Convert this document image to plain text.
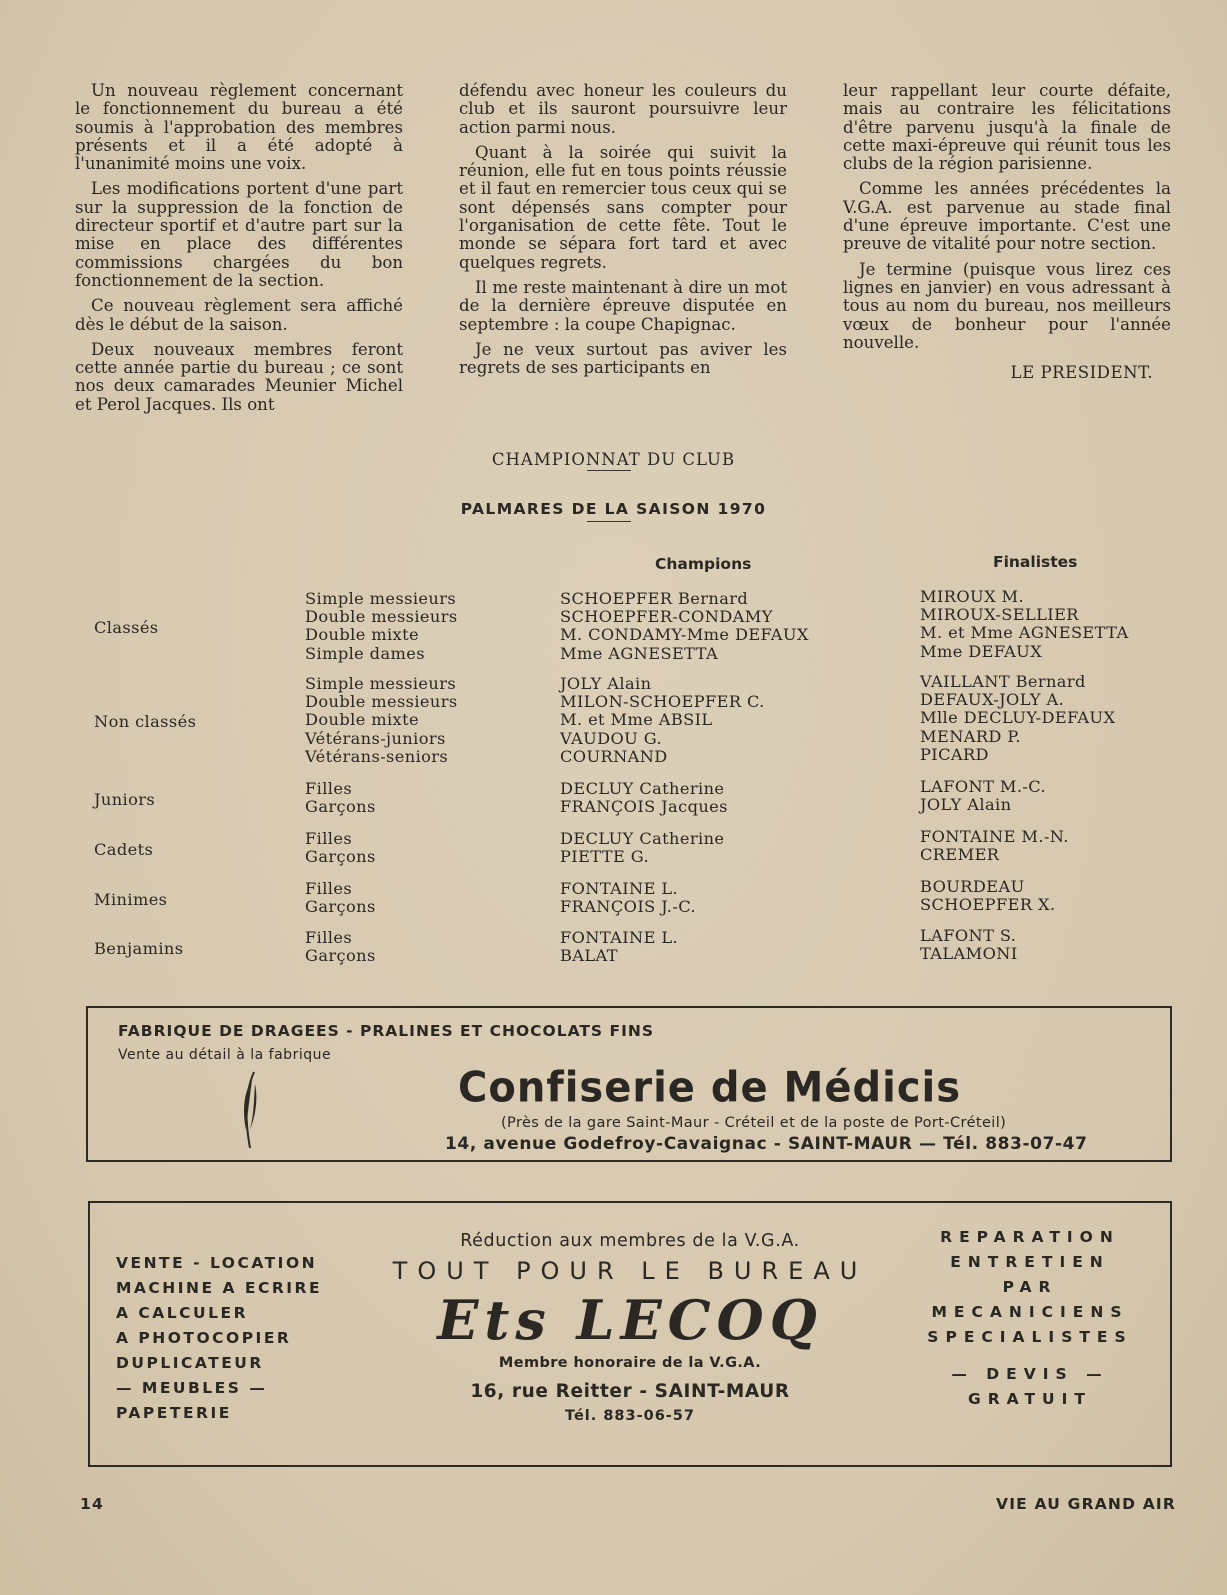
Un nouveau règlement concernant le fonctionnement du bureau a été soumis à l'approbation des membres présents et il a été adopté à l'unanimité moins une voix.

Les modifications portent d'une part sur la suppression de la fonction de directeur sportif et d'autre part sur la mise en place des différentes commissions chargées du bon fonctionnement de la section.

Ce nouveau règlement sera affiché dès le début de la saison.

Deux nouveaux membres feront cette année partie du bureau ; ce sont nos deux camarades Meunier Michel et Perol Jacques. Ils ont

défendu avec honeur les couleurs du club et ils sauront poursuivre leur action parmi nous.

Quant à la soirée qui suivit la réunion, elle fut en tous points réussie et il faut en remercier tous ceux qui se sont dépensés sans compter pour l'organisation de cette fête. Tout le monde se sépara fort tard et avec quelques regrets.

Il me reste maintenant à dire un mot de la dernière épreuve disputée en septembre : la coupe Chapignac.

Je ne veux surtout pas aviver les regrets de ses participants en

leur rappellant leur courte défaite, mais au contraire les félicitations d'être parvenu jusqu'à la finale de cette maxi-épreuve qui réunit tous les clubs de la région parisienne.

Comme les années précédentes la V.G.A. est parvenue au stade final d'une épreuve importante. C'est une preuve de vitalité pour notre section.

Je termine (puisque vous lirez ces lignes en janvier) en vous adressant à tous au nom du bureau, nos meilleurs vœux de bonheur pour l'année nouvelle.

LE PRESIDENT.
CHAMPIONNAT DU CLUB
PALMARES DE LA SAISON 1970
Champions	Finalistes
Classés
Simple messieurs
Double messieurs
Double mixte
Simple dames
SCHOEPFER Bernard
SCHOEPFER-CONDAMY
M. CONDAMY-Mme DEFAUX
Mme AGNESETTA
MIROUX M.
MIROUX-SELLIER
M. et Mme AGNESETTA
Mme DEFAUX
Non classés
Simple messieurs
Double messieurs
Double mixte
Vétérans-juniors
Vétérans-seniors
JOLY Alain
MILON-SCHOEPFER C.
M. et Mme ABSIL
VAUDOU G.
COURNAND
VAILLANT Bernard
DEFAUX-JOLY A.
Mlle DECLUY-DEFAUX
MENARD P.
PICARD
Juniors
Filles
Garçons
DECLUY Catherine
FRANÇOIS Jacques
LAFONT M.-C.
JOLY Alain
Cadets
Filles
Garçons
DECLUY Catherine
PIETTE G.
FONTAINE M.-N.
CREMER
Minimes
Filles
Garçons
FONTAINE L.
FRANÇOIS J.-C.
BOURDEAU
SCHOEPFER X.
Benjamins
Filles
Garçons
FONTAINE L.
BALAT
LAFONT S.
TALAMONI
FABRIQUE DE DRAGEES - PRALINES ET CHOCOLATS FINS
Vente au détail à la fabrique
Confiserie de Médicis
(Près de la gare Saint-Maur - Créteil et de la poste de Port-Créteil)
14, avenue Godefroy-Cavaignac - SAINT-MAUR — Tél. 883-07-47
VENTE - LOCATION
MACHINE A ECRIRE
A CALCULER
A PHOTOCOPIER
DUPLICATEUR
— MEUBLES —
PAPETERIE
Réduction aux membres de la V.G.A.
TOUT POUR LE BUREAU
Ets LECOQ
Membre honoraire de la V.G.A.
16, rue Reitter - SAINT-MAUR
Tél. 883-06-57
REPARATION
ENTRETIEN
PAR
MECANICIENS
SPECIALISTES
— DEVIS —
GRATUIT
14	VIE AU GRAND AIR
